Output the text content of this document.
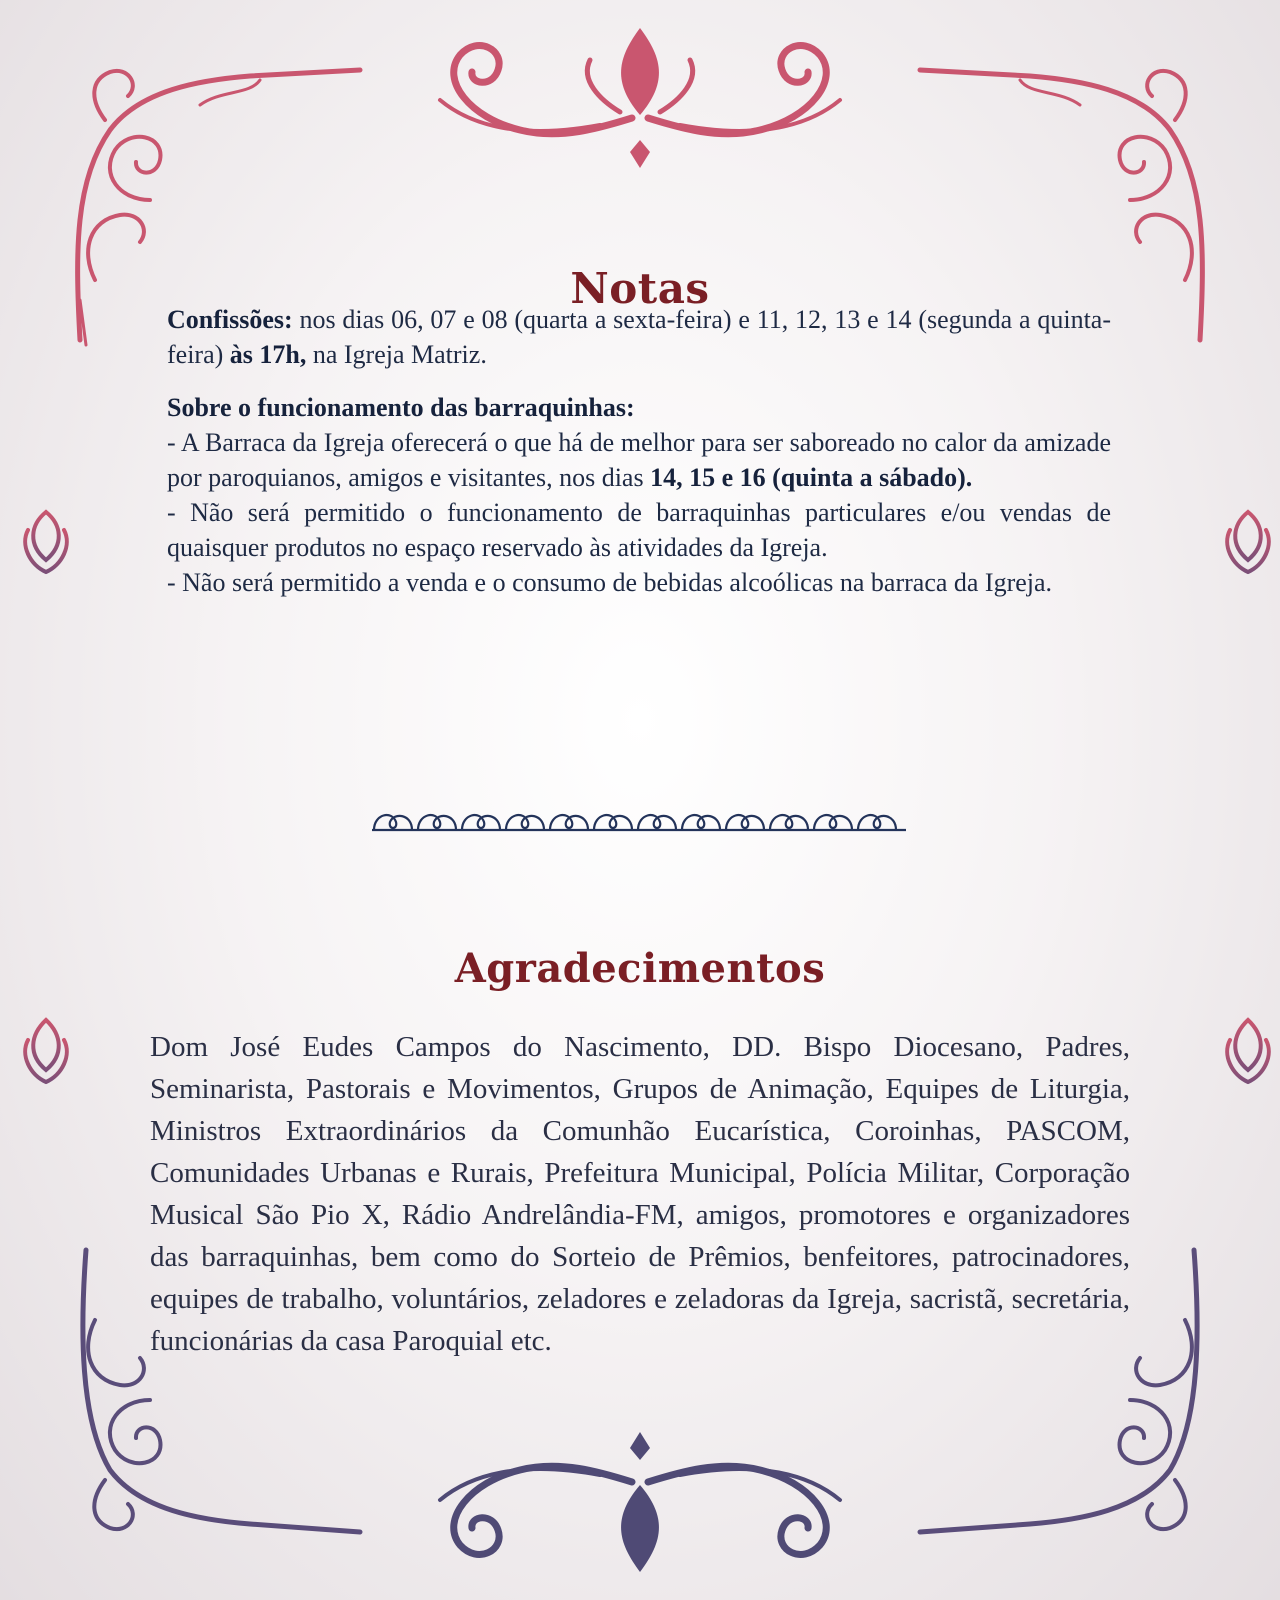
Notas

Confissões: nos dias 06, 07 e 08 (quarta a sexta-feira) e 11, 12, 13 e 14 (segunda a quinta-feira) às 17h, na Igreja Matriz.

Sobre o funcionamento das barraquinhas:

- A Barraca da Igreja oferecerá o que há de melhor para ser saboreado no calor da amizade por paroquianos, amigos e visitantes, nos dias 14, 15 e 16 (quinta a sábado).

- Não será permitido o funcionamento de barraquinhas particulares e/ou vendas de quaisquer produtos no espaço reservado às atividades da Igreja.

- Não será permitido a venda e o consumo de bebidas alcoólicas na barraca da Igreja.

Agradecimentos

Dom José Eudes Campos do Nascimento, DD. Bispo Diocesano, Padres, Seminarista, Pastorais e Movimentos, Grupos de Animação, Equipes de Liturgia, Ministros Extraordinários da Comunhão Eucarística, Coroinhas, PASCOM, Comunidades Urbanas e Rurais, Prefeitura Municipal, Polícia Militar, Corporação Musical São Pio X, Rádio Andrelândia-FM, amigos, promotores e organizadores das barraquinhas, bem como do Sorteio de Prêmios, benfeitores, patrocinadores, equipes de trabalho, voluntários, zeladores e zeladoras da Igreja, sacristã, secretária, funcionárias da casa Paroquial etc.
